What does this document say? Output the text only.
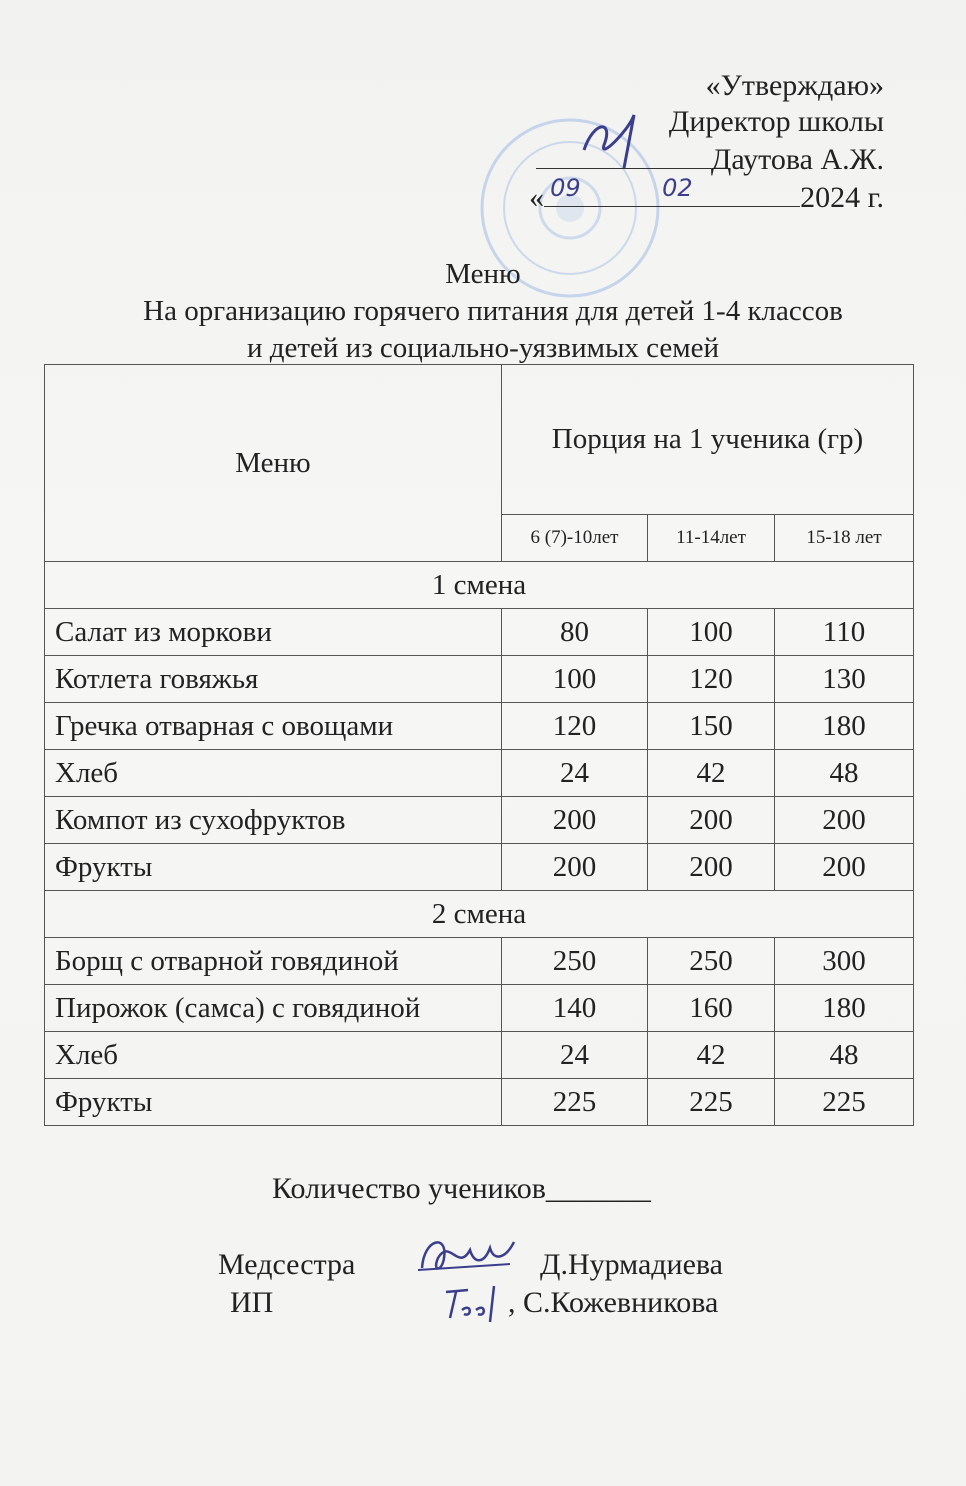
«Утверждаю»
Директор школы
Даутова А.Ж.
« 09	02	2024 г.
Меню
На организацию горячего питания для детей 1-4 классов
и детей из социально-уязвимых семей
Меню	Порция на 1 ученика (гр)		
	6 (7)-10лет	11-14лет	15-18 лет
1 смена			
Салат из моркови	80	100	110
Котлета говяжья	100	120	130
Гречка отварная с овощами	120	150	180
Хлеб	24	42	48
Компот из сухофруктов	200	200	200
Фрукты	200	200	200
2 смена			
Борщ с отварной говядиной	250	250	300
Пирожок (самса) с говядиной	140	160	180
Хлеб	24	42	48
Фрукты	225	225	225
Количество учеников_______
Медсестра	Д.Нурмадиева
ИП	, С.Кожевникова
